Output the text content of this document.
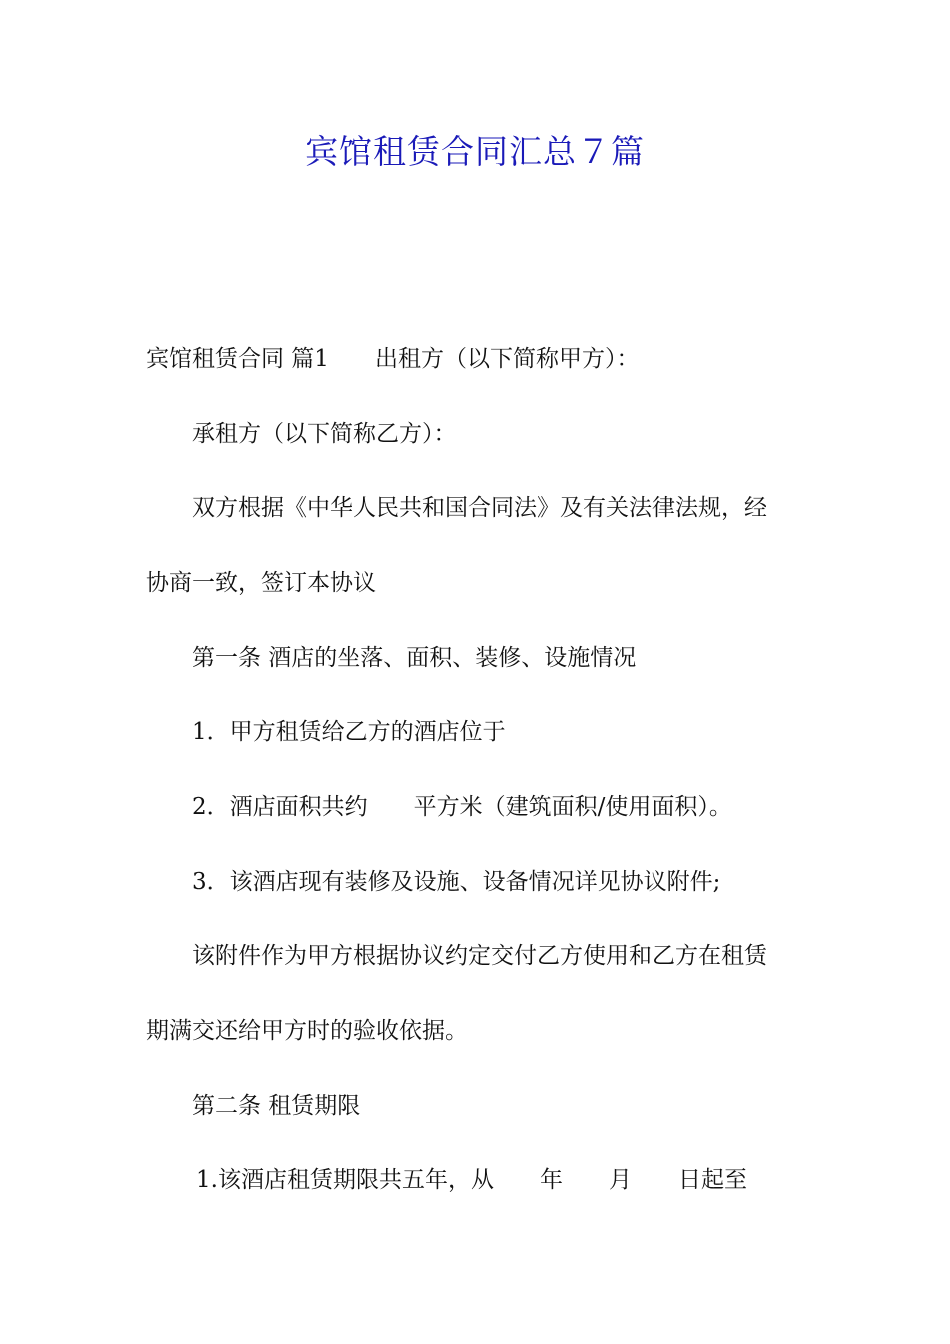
宾馆租赁合同汇总７篇

宾馆租赁合同 篇1　　出租方（以下简称甲方）：

承租方（以下简称乙方）：

双方根据《中华人民共和国合同法》及有关法律法规，经

协商一致，签订本协议

第一条 酒店的坐落、面积、装修、设施情况

1．甲方租赁给乙方的酒店位于

2．酒店面积共约　　平方米（建筑面积/使用面积）。

3．该酒店现有装修及设施、设备情况详见协议附件;

该附件作为甲方根据协议约定交付乙方使用和乙方在租赁

期满交还给甲方时的验收依据。

第二条 租赁期限

1.该酒店租赁期限共五年，从　　年　　月　　日起至
